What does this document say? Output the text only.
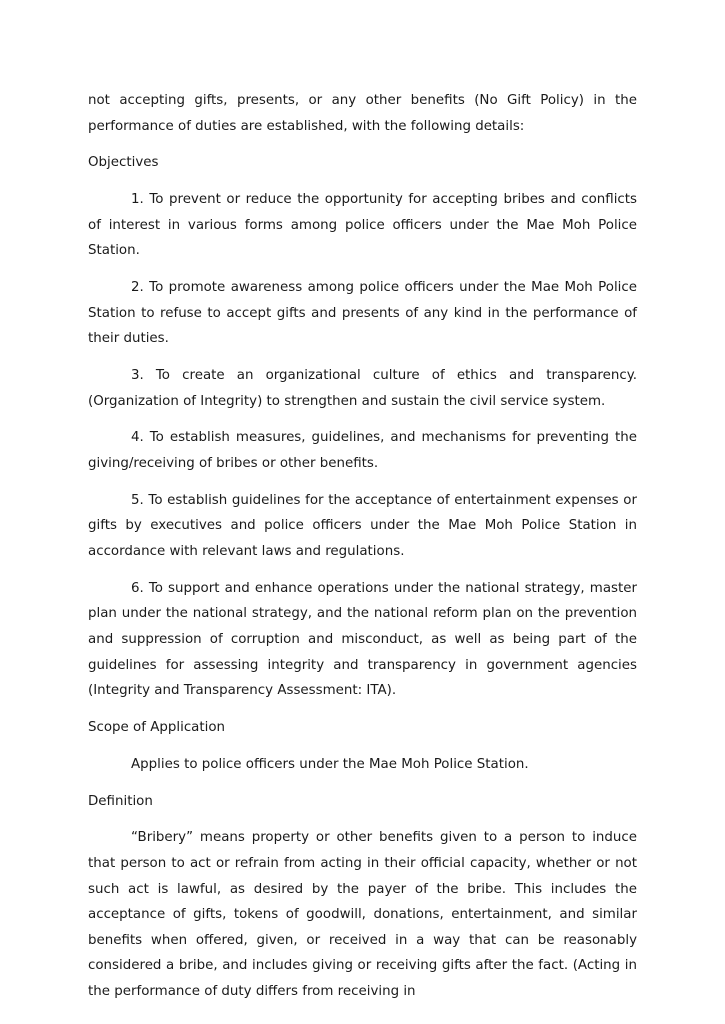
not accepting gifts, presents, or any other benefits (No Gift Policy) in the performance of duties are established, with the following details:

Objectives

1. To prevent or reduce the opportunity for accepting bribes and conflicts of interest in various forms among police officers under the Mae Moh Police Station.

2. To promote awareness among police officers under the Mae Moh Police Station to refuse to accept gifts and presents of any kind in the performance of their duties.

3. To create an organizational culture of ethics and transparency. (Organization of Integrity) to strengthen and sustain the civil service system.

4. To establish measures, guidelines, and mechanisms for preventing the giving/receiving of bribes or other benefits.

5. To establish guidelines for the acceptance of entertainment expenses or gifts by executives and police officers under the Mae Moh Police Station in accordance with relevant laws and regulations.

6. To support and enhance operations under the national strategy, master plan under the national strategy, and the national reform plan on the prevention and suppression of corruption and misconduct, as well as being part of the guidelines for assessing integrity and transparency in government agencies (Integrity and Transparency Assessment: ITA).

Scope of Application

Applies to police officers under the Mae Moh Police Station.

Definition

“Bribery” means property or other benefits given to a person to induce that person to act or refrain from acting in their official capacity, whether or not such act is lawful, as desired by the payer of the bribe. This includes the acceptance of gifts, tokens of goodwill, donations, entertainment, and similar benefits when offered, given, or received in a way that can be reasonably considered a bribe, and includes giving or receiving gifts after the fact. (Acting in the performance of duty differs from receiving in
